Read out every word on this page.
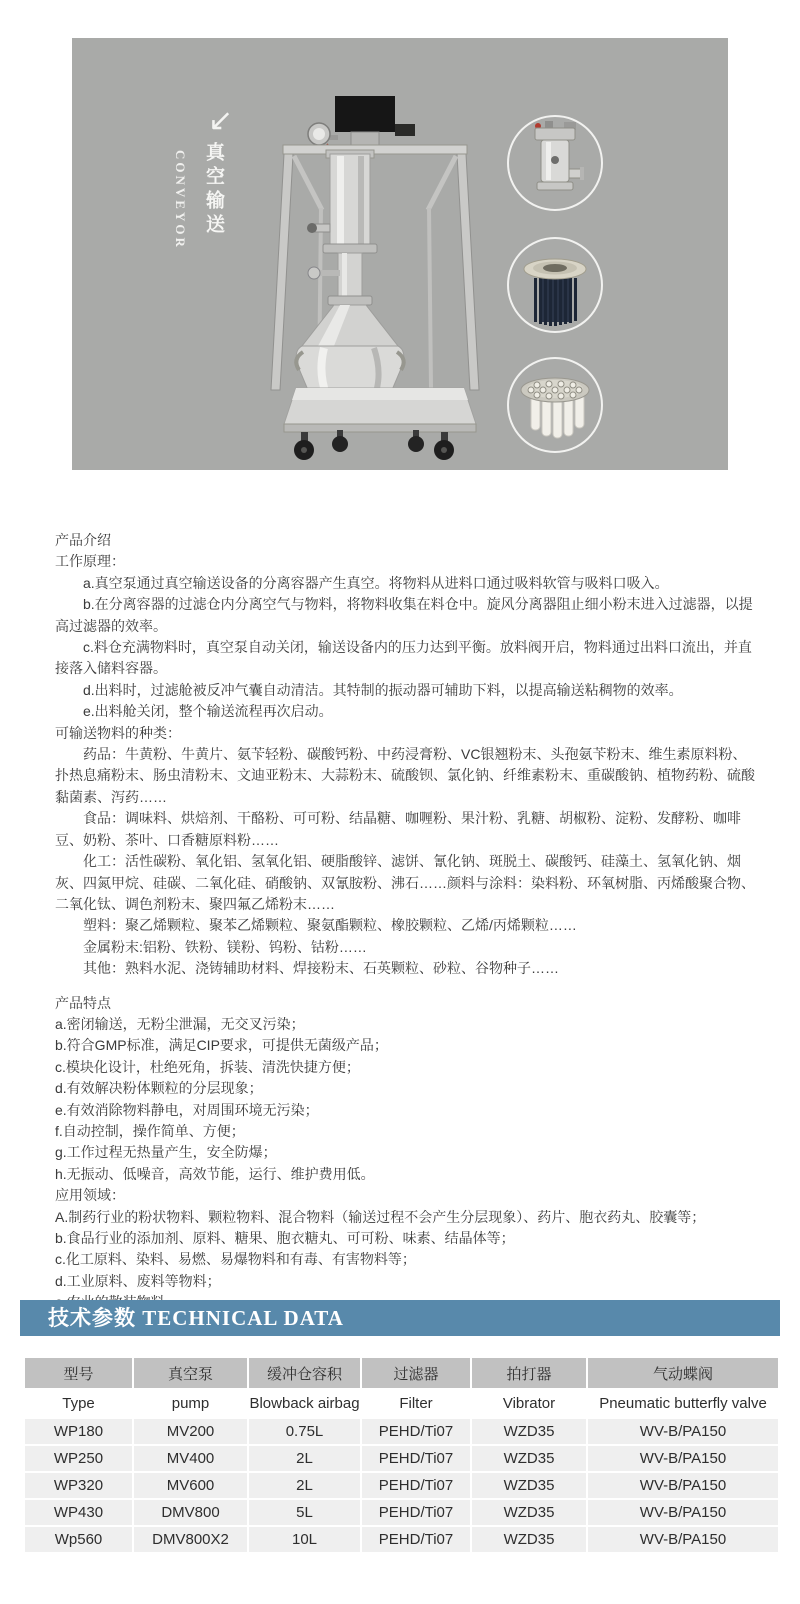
↙
真空输送
CONVEYOR

产品介绍

工作原理：

a.真空泵通过真空输送设备的分离容器产生真空。将物料从进料口通过吸料软管与吸料口吸入。

b.在分离容器的过滤仓内分离空气与物料，将物料收集在料仓中。旋风分离器阻止细小粉末进入过滤器，以提高过滤器的效率。

c.料仓充满物料时，真空泵自动关闭，输送设备内的压力达到平衡。放料阀开启，物料通过出料口流出，并直接落入储料容器。

d.出料时，过滤舱被反冲气囊自动清洁。其特制的振动器可辅助下料，以提高输送粘稠物的效率。

e.出料舱关闭，整个输送流程再次启动。

可输送物料的种类：

药品：牛黄粉、牛黄片、氨苄轻粉、碳酸钙粉、中药浸膏粉、VC银翘粉末、头孢氨苄粉末、维生素原料粉、扑热息痛粉末、肠虫清粉末、文迪亚粉末、大蒜粉末、硫酸钡、氯化钠、纤维素粉末、重碳酸钠、植物药粉、硫酸黏菌素、泻药……

食品：调味料、烘焙剂、干酪粉、可可粉、结晶糖、咖喱粉、果汁粉、乳糖、胡椒粉、淀粉、发酵粉、咖啡豆、奶粉、茶叶、口香糖原料粉……

化工：活性碳粉、氧化铝、氢氧化铝、硬脂酸锌、滤饼、氰化钠、斑脱土、碳酸钙、硅藻土、氢氧化钠、烟灰、四氮甲烷、硅碳、二氧化硅、硝酸钠、双氰胺粉、沸石……颜料与涂料：染料粉、环氧树脂、丙烯酸聚合物、二氧化钛、调色剂粉末、聚四氟乙烯粉末……

塑料：聚乙烯颗粒、聚苯乙烯颗粒、聚氨酯颗粒、橡胶颗粒、乙烯/丙烯颗粒……

金属粉末:铝粉、铁粉、镁粉、钨粉、钴粉……

其他：熟料水泥、浇铸辅助材料、焊接粉末、石英颗粒、砂粒、谷物种子……

产品特点

a.密闭输送，无粉尘泄漏，无交叉污染；

b.符合GMP标准，满足CIP要求，可提供无菌级产品；

c.模块化设计，杜绝死角，拆装、清洗快捷方便；

d.有效解决粉体颗粒的分层现象；

e.有效消除物料静电，对周围环境无污染；

f.自动控制，操作简单、方便；

g.工作过程无热量产生，安全防爆；

h.无振动、低噪音，高效节能，运行、维护费用低。

应用领域：

A.制药行业的粉状物料、颗粒物料、混合物料（输送过程不会产生分层现象）、药片、胞衣药丸、胶囊等；

b.食品行业的添加剂、原料、糖果、胞衣糖丸、可可粉、味素、结晶体等；

c.化工原料、染料、易燃、易爆物料和有毒、有害物料等；

d.工业原料、废料等物料；

技术参数 TECHNICAL DATA
型号	真空泵	缓冲仓容积	过滤器	拍打器	气动蝶阀
Type	pump	Blowback airbag	Filter	Vibrator	Pneumatic butterfly valve
WP180	MV200	0.75L	PEHD/Ti07	WZD35	WV-B/PA150
WP250	MV400	2L	PEHD/Ti07	WZD35	WV-B/PA150
WP320	MV600	2L	PEHD/Ti07	WZD35	WV-B/PA150
WP430	DMV800	5L	PEHD/Ti07	WZD35	WV-B/PA150
Wp560	DMV800X2	10L	PEHD/Ti07	WZD35	WV-B/PA150
